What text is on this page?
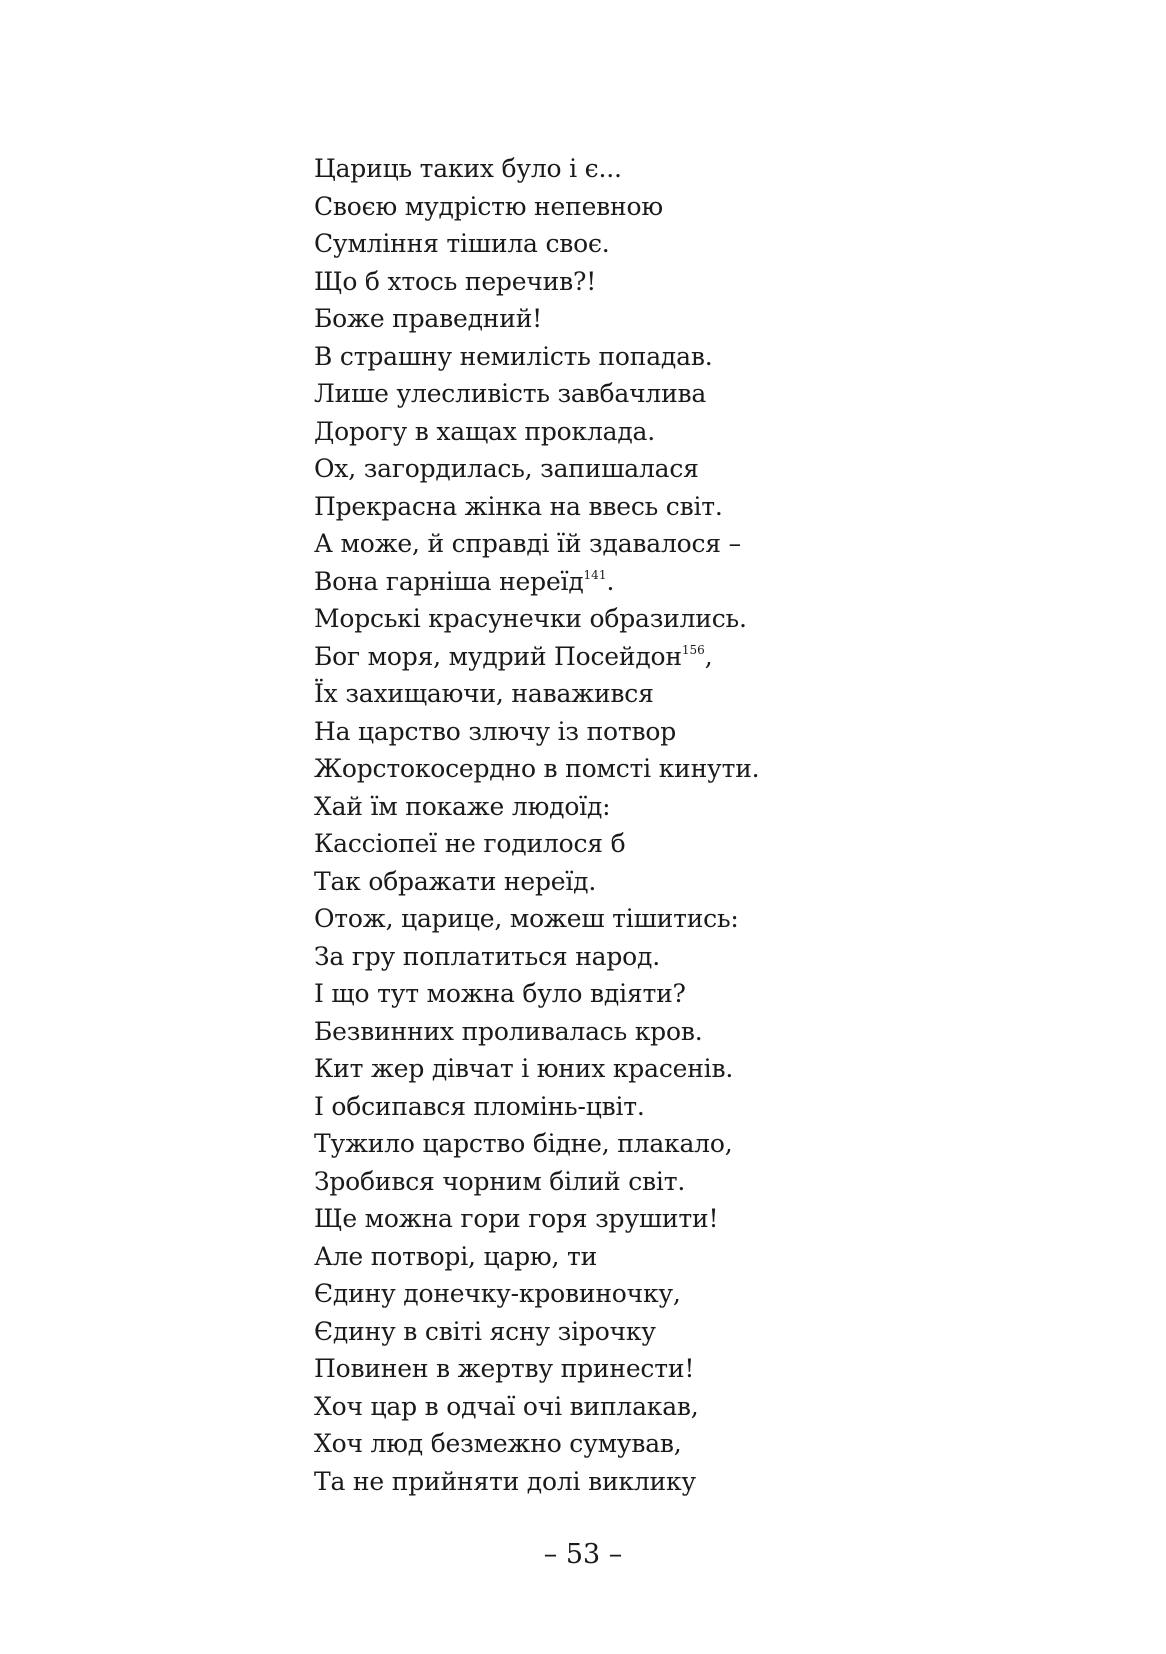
Цариць таких було і є...
Своєю мудрістю непевною
Сумління тішила своє.
Що б хтось перечив?!
Боже праведний!
В страшну немилість попадав.
Лише улесливість завбачлива
Дорогу в хащах проклада.
Ох, загордилась, запишалася
Прекрасна жінка на ввесь світ.
А може, й справді їй здавалося –
Вона гарніша нереїд$^{141}$.
Морські красунечки образились.
Бог моря, мудрий Посейдон$^{156}$,
Їх захищаючи, наважився
На царство злючу із потвор
Жорстокосердно в помсті кинути.
Хай їм покаже людоїд:
Кассіопеї не годилося б
Так ображати нереїд.
Отож, царице, можеш тішитись:
За гру поплатиться народ.
І що тут можна було вдіяти?
Безвинних проливалась кров.
Кит жер дівчат і юних красенів.
І обсипався пломінь-цвіт.
Тужило царство бідне, плакало,
Зробився чорним білий світ.
Ще можна гори горя зрушити!
Але потворі, царю, ти
Єдину донечку-кровиночку,
Єдину в світі ясну зірочку
Повинен в жертву принести!
Хоч цар в одчаї очі виплакав,
Хоч люд безмежно сумував,
Та не прийняти долі виклику
– 53 –
